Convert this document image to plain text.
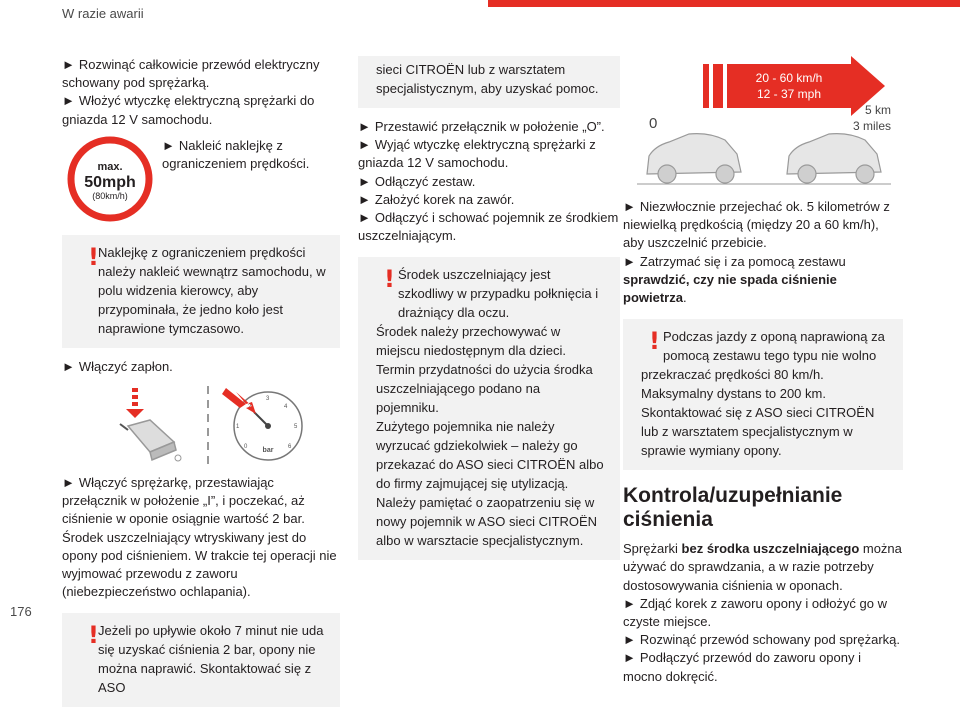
W razie awarii

► Rozwinąć całkowicie przewód elektryczny schowany pod sprężarką.

► Włożyć wtyczkę elektryczną sprężarki do gniazda 12 V samochodu.

max.
50mph
(80km/h)

► Nakleić naklejkę z ograniczeniem prędkości.

! Naklejkę z ograniczeniem prędkości należy nakleić wewnątrz samochodu, w polu widzenia kierowcy, aby przypominała, że jedno koło jest naprawione tymczasowo.

► Włączyć zapłon.

bar
0
1
3
4
5
6

► Włączyć sprężarkę, przestawiając przełącznik w położenie „I”, i poczekać, aż ciśnienie w oponie osiągnie wartość 2 bar. Środek uszczelniający wtryskiwany jest do opony pod ciśnieniem. W trakcie tej operacji nie wyjmować przewodu z zaworu (niebezpieczeństwo ochlapania).

! Jeżeli po upływie około 7 minut nie uda się uzyskać ciśnienia 2 bar, opony nie można naprawić. Skontaktować się z ASO
sieci CITROËN lub z warsztatem specjalistycznym, aby uzyskać pomoc.

► Przestawić przełącznik w położenie „O”.

► Wyjąć wtyczkę elektryczną sprężarki z gniazda 12 V samochodu.

► Odłączyć zestaw.

► Założyć korek na zawór.

► Odłączyć i schować pojemnik ze środkiem uszczelniającym.

! Środek uszczelniający jest szkodliwy w przypadku połknięcia i drażniący dla oczu.
Środek należy przechowywać w miejscu niedostępnym dla dzieci.
Termin przydatności do użycia środka uszczelniającego podano na pojemniku.
Zużytego pojemnika nie należy wyrzucać gdziekolwiek – należy go przekazać do ASO sieci CITROËN albo do firmy zajmującej się utylizacją.
Należy pamiętać o zaopatrzeniu się w nowy pojemnik w ASO sieci CITROËN albo w warsztacie specjalistycznym.
20 - 60 km/h
12 - 37 mph
0
5 km
3 miles

► Niezwłocznie przejechać ok. 5 kilometrów z niewielką prędkością (między 20 a 60 km/h), aby uszczelnić przebicie.

► Zatrzymać się i za pomocą zestawu sprawdzić, czy nie spada ciśnienie powietrza.

! Podczas jazdy z oponą naprawioną za pomocą zestawu tego typu nie wolno
przekraczać prędkości 80 km/h. Maksymalny dystans to 200 km.
Skontaktować się z ASO sieci CITROËN lub z warsztatem specjalistycznym w sprawie wymiany opony.
Kontrola/uzupełnianie ciśnienia

Sprężarki bez środka uszczelniającego można używać do sprawdzania, a w razie potrzeby dostosowywania ciśnienia w oponach.

► Zdjąć korek z zaworu opony i odłożyć go w czyste miejsce.

► Rozwinąć przewód schowany pod sprężarką.

► Podłączyć przewód do zaworu opony i mocno dokręcić.

176
